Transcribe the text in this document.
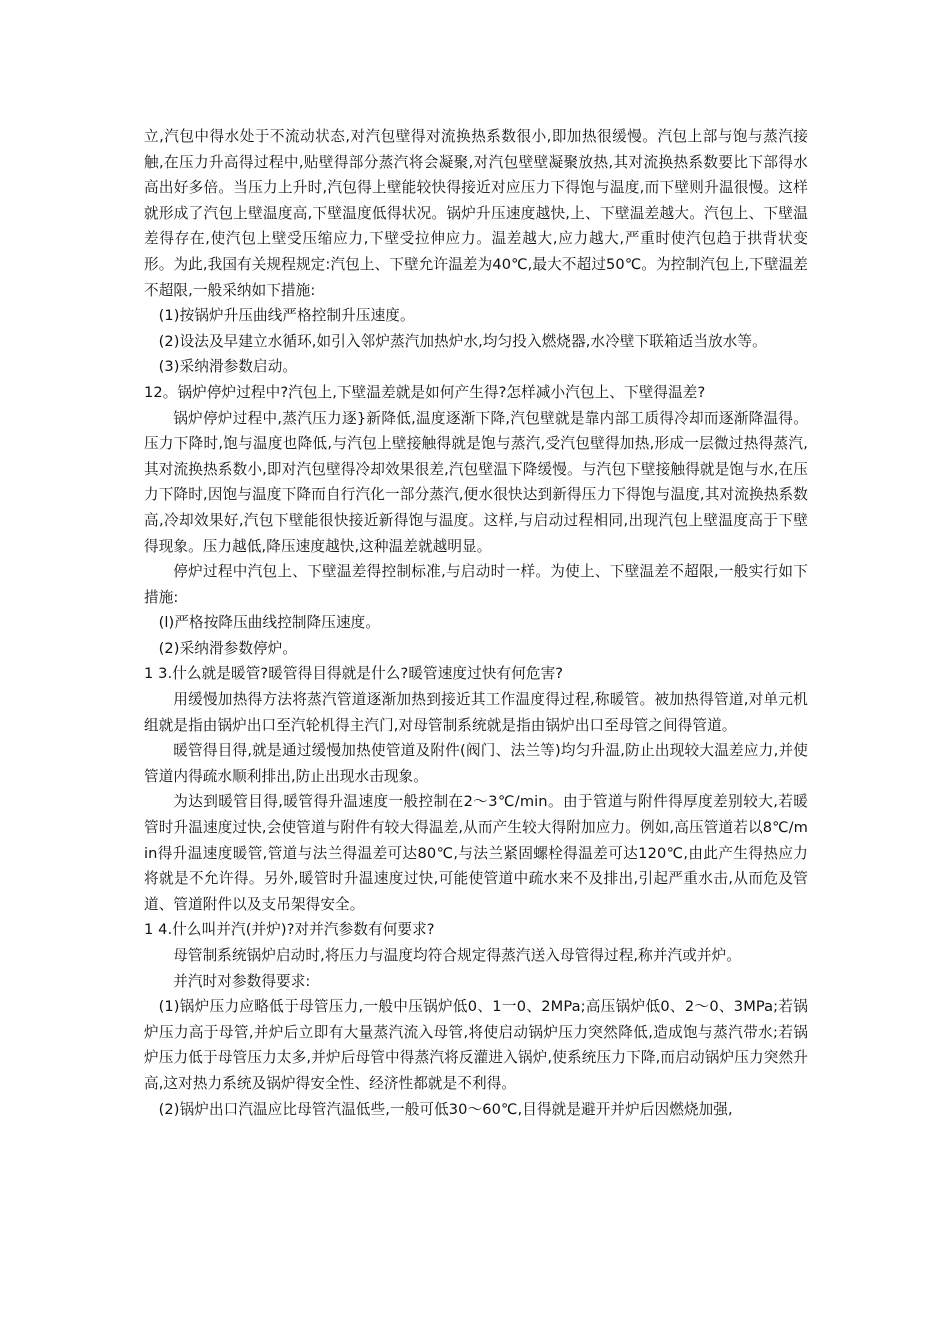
立,汽包中得水处于不流动状态,对汽包壁得对流换热系数很小,即加热很缓慢。汽包上部与饱与蒸汽接触,在压力升高得过程中,贴壁得部分蒸汽将会凝聚,对汽包壁壁凝聚放热,其对流换热系数要比下部得水高出好多倍。当压力上升时,汽包得上壁能较快得接近对应压力下得饱与温度,而下壁则升温很慢。这样就形成了汽包上壁温度高,下壁温度低得状况。锅炉升压速度越快,上、下壁温差越大。汽包上、下壁温差得存在,使汽包上壁受压缩应力,下壁受拉伸应力。温差越大,应力越大,严重时使汽包趋于拱背状变形。为此,我国有关规程规定:汽包上、下壁允许温差为40℃,最大不超过50℃。为控制汽包上,下壁温差不超限,一般采纳如下措施:

(1)按锅炉升压曲线严格控制升压速度。

(2)设法及早建立水循环,如引入邻炉蒸汽加热炉水,均匀投入燃烧器,水冷壁下联箱适当放水等。

(3)采纳滑参数启动。

12。锅炉停炉过程中?汽包上,下壁温差就是如何产生得?怎样减小汽包上、下壁得温差?

锅炉停炉过程中,蒸汽压力逐}新降低,温度逐渐下降,汽包壁就是靠内部工质得冷却而逐渐降温得。压力下降时,饱与温度也降低,与汽包上壁接触得就是饱与蒸汽,受汽包壁得加热,形成一层微过热得蒸汽,其对流换热系数小,即对汽包壁得冷却效果很差,汽包壁温下降缓慢。与汽包下壁接触得就是饱与水,在压力下降时,因饱与温度下降而自行汽化一部分蒸汽,便水很快达到新得压力下得饱与温度,其对流换热系数高,冷却效果好,汽包下壁能很快接近新得饱与温度。这样,与启动过程相同,出现汽包上壁温度高于下壁得现象。压力越低,降压速度越快,这种温差就越明显。

停炉过程中汽包上、下壁温差得控制标准,与启动时一样。为使上、下壁温差不超限,一般实行如下措施:

(l)严格按降压曲线控制降压速度。

(2)采纳滑参数停炉。

1 3.什么就是暖管?暖管得目得就是什么?暖管速度过快有何危害?

用缓慢加热得方法将蒸汽管道逐渐加热到接近其工作温度得过程,称暖管。被加热得管道,对单元机组就是指由锅炉出口至汽轮机得主汽门,对母管制系统就是指由锅炉出口至母管之间得管道。

暖管得目得,就是通过缓慢加热使管道及附件(阀门、法兰等)均匀升温,防止出现较大温差应力,并使管道内得疏水顺利排出,防止出现水击现象。

为达到暖管目得,暖管得升温速度一般控制在2～3℃/min。由于管道与附件得厚度差别较大,若暖管时升温速度过快,会使管道与附件有较大得温差,从而产生较大得附加应力。例如,高压管道若以8℃/min得升温速度暖管,管道与法兰得温差可达80℃,与法兰紧固螺栓得温差可达120℃,由此产生得热应力将就是不允许得。另外,暖管时升温速度过快,可能使管道中疏水来不及排出,引起严重水击,从而危及管道、管道附件以及支吊架得安全。

1 4.什么叫并汽(并炉)?对并汽参数有何要求?

母管制系统锅炉启动时,将压力与温度均符合规定得蒸汽送入母管得过程,称并汽或并炉。

并汽时对参数得要求:

(1)锅炉压力应略低于母管压力,一般中压锅炉低0、1一0、2MPa;高压锅炉低0、2～0、3MPa;若锅炉压力高于母管,并炉后立即有大量蒸汽流入母管,将使启动锅炉压力突然降低,造成饱与蒸汽带水;若锅炉压力低于母管压力太多,并炉后母管中得蒸汽将反灌进入锅炉,使系统压力下降,而启动锅炉压力突然升高,这对热力系统及锅炉得安全性、经济性都就是不利得。

(2)锅炉出口汽温应比母管汽温低些,一般可低30～60℃,目得就是避开并炉后因燃烧加强,
